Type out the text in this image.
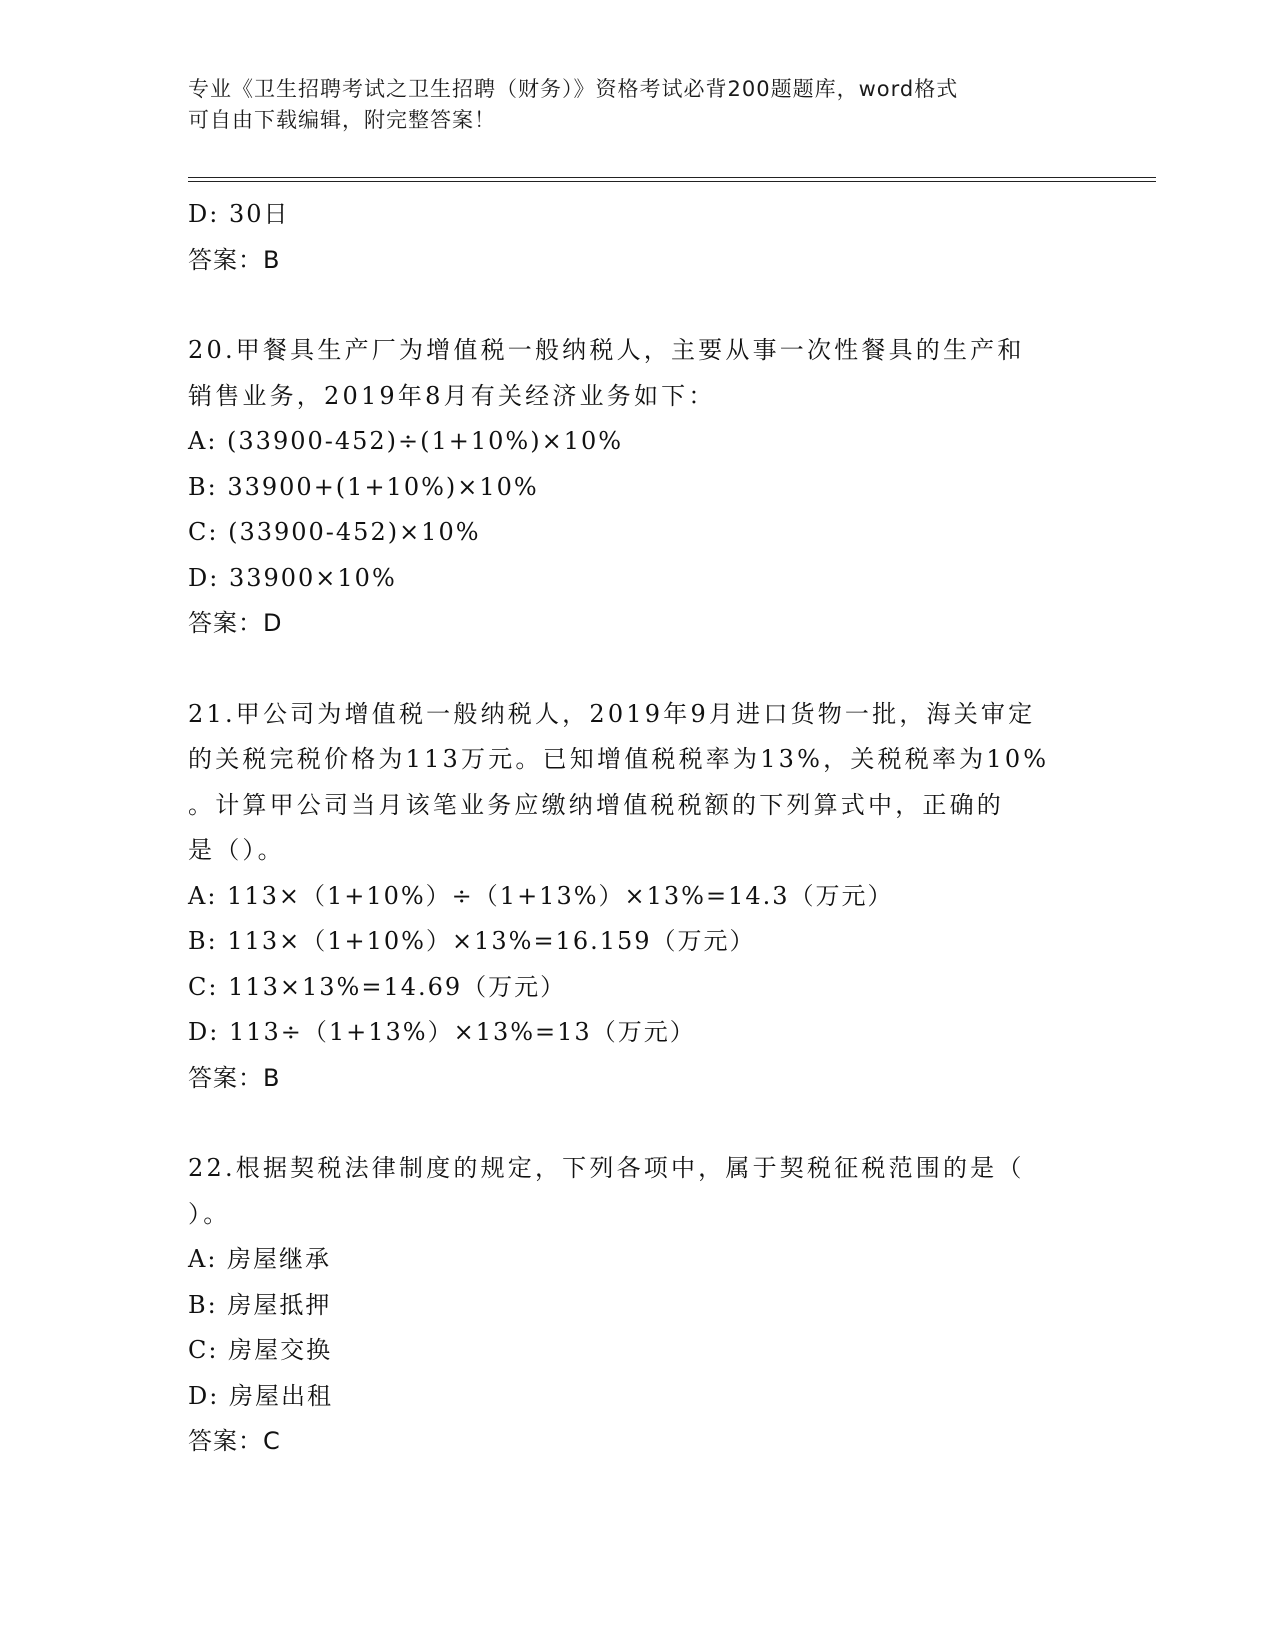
专业《卫生招聘考试之卫生招聘（财务）》资格考试必背200题题库，word格式
可自由下载编辑，附完整答案！
D: 30日
答案：B
20.甲餐具生产厂为增值税一般纳税人，主要从事一次性餐具的生产和
销售业务，2019年8月有关经济业务如下：
A: (33900-452)÷(1+10%)×10%
B: 33900+(1+10%)×10%
C: (33900-452)×10%
D: 33900×10%
答案：D
21.甲公司为增值税一般纳税人，2019年9月进口货物一批，海关审定
的关税完税价格为113万元。已知增值税税率为13%，关税税率为10%
。计算甲公司当月该笔业务应缴纳增值税税额的下列算式中，正确的
是（）。
A: 113×（1+10%）÷（1+13%）×13%=14.3（万元）
B: 113×（1+10%）×13%=16.159（万元）
C: 113×13%=14.69（万元）
D: 113÷（1+13%）×13%=13（万元）
答案：B
22.根据契税法律制度的规定，下列各项中，属于契税征税范围的是（
）。
A: 房屋继承
B: 房屋抵押
C: 房屋交换
D: 房屋出租
答案：C
